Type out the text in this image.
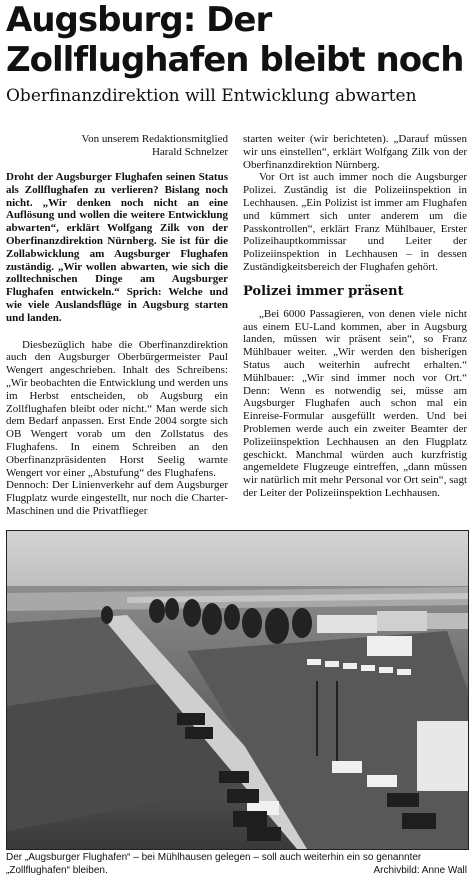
Augsburg: Der
Zollflughafen bleibt noch
Oberfinanzdirektion will Entwicklung abwarten
Von unserem Redaktionsmitglied
Harald Schnelzer

Droht der Augsburger Flughafen seinen Status als Zollflughafen zu verlieren? Bislang noch nicht. „Wir denken noch nicht an eine Auflösung und wollen die weitere Entwicklung abwarten“, erklärt Wolfgang Zilk von der Oberfinanzdirektion Nürnberg. Sie ist für die Zollabwicklung am Augsburger Flughafen zuständig. „Wir wollen abwarten, wie sich die zolltechnischen Dinge am Augsburger Flughafen entwickeln.“ Sprich: Welche und wie viele Auslandsflüge in Augsburg starten und landen.

Diesbezüglich habe die Oberfinanzdirektion auch den Augsburger Oberbürgermeister Paul Wengert angeschrieben. Inhalt des Schreibens: „Wir beobachten die Entwicklung und werden uns im Herbst entscheiden, ob Augsburg ein Zollflughafen bleibt oder nicht.“ Man werde sich dem Bedarf anpassen. Erst Ende 2004 sorgte sich OB Wengert vorab um den Zollstatus des Flughafens. In einem Schreiben an den Oberfinanzpräsidenten Horst Seelig warnte Wengert vor einer „Abstufung“ des Flughafens.

Dennoch: Der Linienverkehr auf dem Augsburger Flugplatz wurde eingestellt, nur noch die Charter-Maschinen und die Privatflieger

starten weiter (wir berichteten). „Darauf müssen wir uns einstellen“, erklärt Wolfgang Zilk von der Oberfinanzdirektion Nürnberg.

Vor Ort ist auch immer noch die Augsburger Polizei. Zuständig ist die Polizeiinspektion in Lechhausen. „Ein Polizist ist immer am Flughafen und kümmert sich unter anderem um die Passkontrollen“, erklärt Franz Mühlbauer, Erster Polizeihauptkommissar und Leiter der Polizeiinspektion in Lechhausen – in dessen Zuständigkeitsbereich der Flughafen gehört.

Polizei immer präsent

„Bei 6000 Passagieren, von denen viele nicht aus einem EU-Land kommen, aber in Augsburg landen, müssen wir präsent sein“, so Franz Mühlbauer weiter. „Wir werden den bisherigen Status auch weiterhin aufrecht erhalten.“ Mühlbauer: „Wir sind immer noch vor Ort.“ Denn: Wenn es notwendig sei, müsse am Augsburger Flughafen auch schon mal ein Einreise-Formular ausgefüllt werden. Und bei Problemen werde auch ein zweiter Beamter der Polizeiinspektion Lechhausen an den Flugplatz geschickt. Manchmal würden auch kurzfristig angemeldete Flugzeuge eintreffen, „dann müssen wir natürlich mit mehr Personal vor Ort sein“, sagt der Leiter der Polizeiinspektion Lechhausen.

Der „Augsburger Flughafen“ – bei Mühlhausen gelegen – soll auch weiterhin ein so genannter „Zollflughafen“ bleiben.	Archivbild: Anne Wall
